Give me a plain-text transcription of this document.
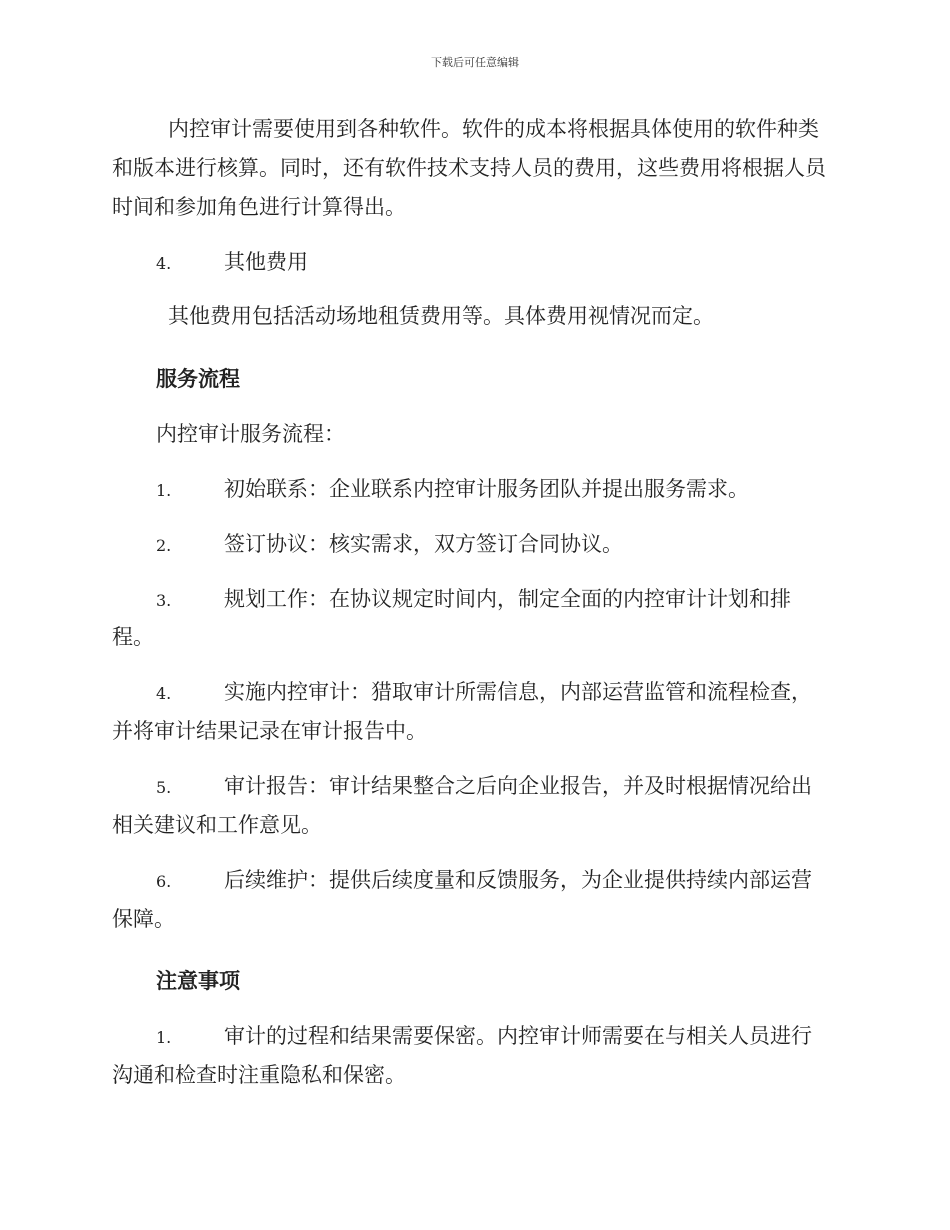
下载后可任意编辑

内控审计需要使用到各种软件。软件的成本将根据具体使用的软件种类和版本进行核算。同时，还有软件技术支持人员的费用，这些费用将根据人员时间和参加角色进行计算得出。

4.	其他费用

其他费用包括活动场地租赁费用等。具体费用视情况而定。

服务流程

内控审计服务流程：

1.	初始联系：企业联系内控审计服务团队并提出服务需求。

2.	签订协议：核实需求，双方签订合同协议。

3.	规划工作：在协议规定时间内，制定全面的内控审计计划和排程。

4.	实施内控审计：猎取审计所需信息，内部运营监管和流程检查，并将审计结果记录在审计报告中。

5.	审计报告：审计结果整合之后向企业报告，并及时根据情况给出相关建议和工作意见。

6.	后续维护：提供后续度量和反馈服务，为企业提供持续内部运营保障。

注意事项

1.	审计的过程和结果需要保密。内控审计师需要在与相关人员进行沟通和检查时注重隐私和保密。
